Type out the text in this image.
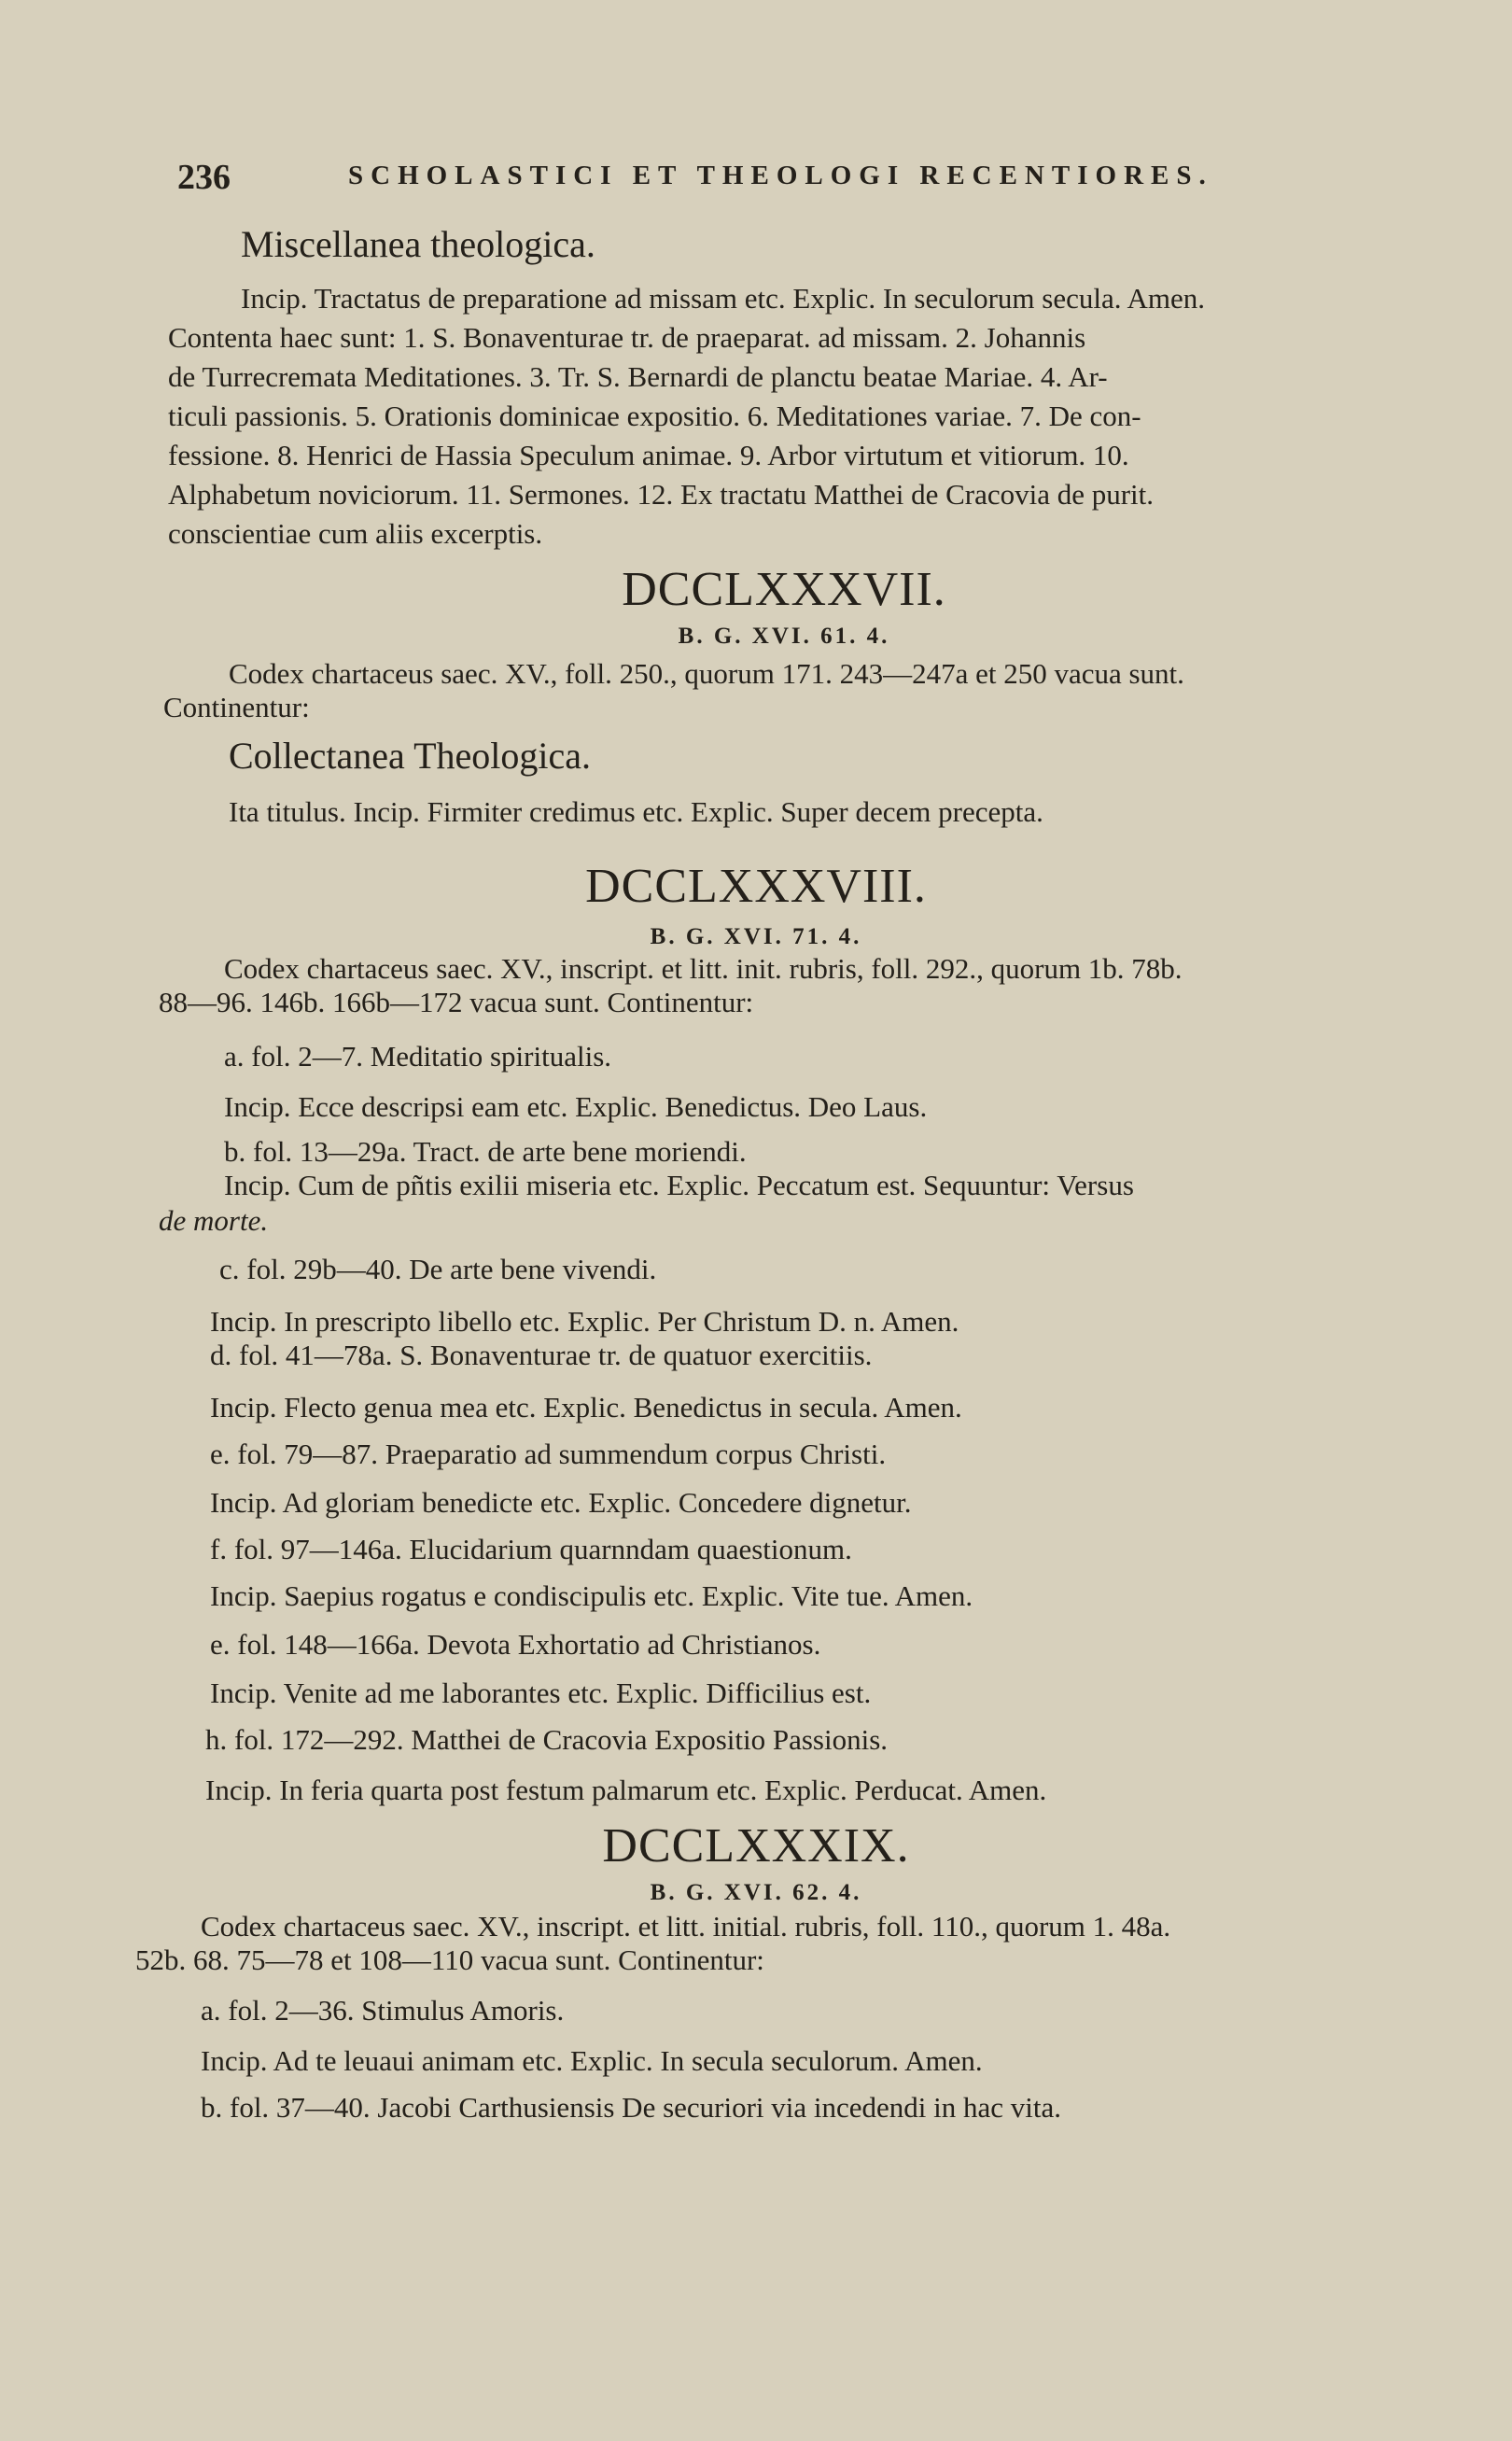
236	SCHOLASTICI ET THEOLOGI RECENTIORES.
Miscellanea theologica.
Incip. Tractatus de preparatione ad missam etc. Explic. In seculorum secula. Amen.
Contenta haec sunt: 1. S. Bonaventurae tr. de praeparat. ad missam. 2. Johannis
de Turrecremata Meditationes. 3. Tr. S. Bernardi de planctu beatae Mariae. 4. Ar-
ticuli passionis. 5. Orationis dominicae expositio. 6. Meditationes variae. 7. De con-
fessione. 8. Henrici de Hassia Speculum animae. 9. Arbor virtutum et vitiorum. 10.
Alphabetum noviciorum. 11. Sermones. 12. Ex tractatu Matthei de Cracovia de purit.
conscientiae cum aliis excerptis.
DCCLXXXVII.
B. G. XVI. 61. 4.
Codex chartaceus saec. XV., foll. 250., quorum 171. 243—247a et 250 vacua sunt.
Continentur:
Collectanea Theologica.
Ita titulus. Incip. Firmiter credimus etc. Explic. Super decem precepta.
DCCLXXXVIII.
B. G. XVI. 71. 4.
Codex chartaceus saec. XV., inscript. et litt. init. rubris, foll. 292., quorum 1b. 78b.
88—96. 146b. 166b—172 vacua sunt. Continentur:
a. fol. 2—7. Meditatio spiritualis.
Incip. Ecce descripsi eam etc. Explic. Benedictus. Deo Laus.
b. fol. 13—29a. Tract. de arte bene moriendi.
Incip. Cum de pñtis exilii miseria etc. Explic. Peccatum est. Sequuntur: Versus
de morte.
c. fol. 29b—40. De arte bene vivendi.
Incip. In prescripto libello etc. Explic. Per Christum D. n. Amen.
d. fol. 41—78a. S. Bonaventurae tr. de quatuor exercitiis.
Incip. Flecto genua mea etc. Explic. Benedictus in secula. Amen.
e. fol. 79—87. Praeparatio ad summendum corpus Christi.
Incip. Ad gloriam benedicte etc. Explic. Concedere dignetur.
f. fol. 97—146a. Elucidarium quarnndam quaestionum.
Incip. Saepius rogatus e condiscipulis etc. Explic. Vite tue. Amen.
e. fol. 148—166a. Devota Exhortatio ad Christianos.
Incip. Venite ad me laborantes etc. Explic. Difficilius est.
h. fol. 172—292. Matthei de Cracovia Expositio Passionis.
Incip. In feria quarta post festum palmarum etc. Explic. Perducat. Amen.
DCCLXXXIX.
B. G. XVI. 62. 4.
Codex chartaceus saec. XV., inscript. et litt. initial. rubris, foll. 110., quorum 1. 48a.
52b. 68. 75—78 et 108—110 vacua sunt. Continentur:
a. fol. 2—36. Stimulus Amoris.
Incip. Ad te leuaui animam etc. Explic. In secula seculorum. Amen.
b. fol. 37—40. Jacobi Carthusiensis De securiori via incedendi in hac vita.
